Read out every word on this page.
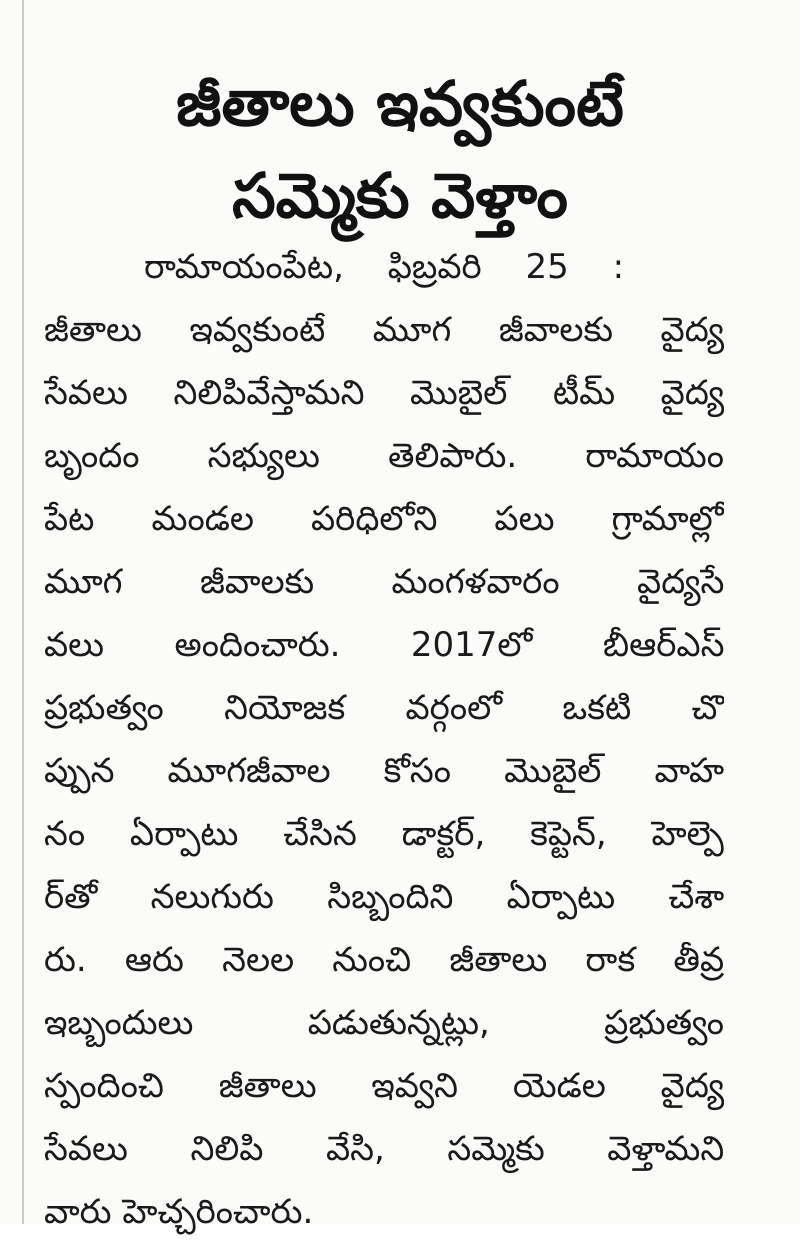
జీతాలు ఇవ్వకుంటే
సమ్మెకు వెళ్తాం
రామాయంపేట, ఫిబ్రవరి 25 :
జీతాలు ఇవ్వకుంటే మూగ జీవాలకు వైద్య
సేవలు నిలిపివేస్తామని మొబైల్ టీమ్ వైద్య
బృందం సభ్యులు తెలిపారు. రామాయం
పేట మండల పరిధిలోని పలు గ్రామాల్లో
మూగ జీవాలకు మంగళవారం వైద్యసే
వలు అందించారు. 2017లో బీఆర్ఎస్
ప్రభుత్వం నియోజక వర్గంలో ఒకటి చొ
ప్పున మూగజీవాల కోసం మొబైల్ వాహ
నం ఏర్పాటు చేసిన డాక్టర్, కెప్టెన్, హెల్పె
ర్‌తో నలుగురు సిబ్బందిని ఏర్పాటు చేశా
రు. ఆరు నెలల నుంచి జీతాలు రాక తీవ్ర
ఇబ్బందులు పడుతున్నట్లు, ప్రభుత్వం
స్పందించి జీతాలు ఇవ్వని యెడల వైద్య
సేవలు నిలిపి వేసి, సమ్మెకు వెళ్తామని
వారు హెచ్చరించారు.
